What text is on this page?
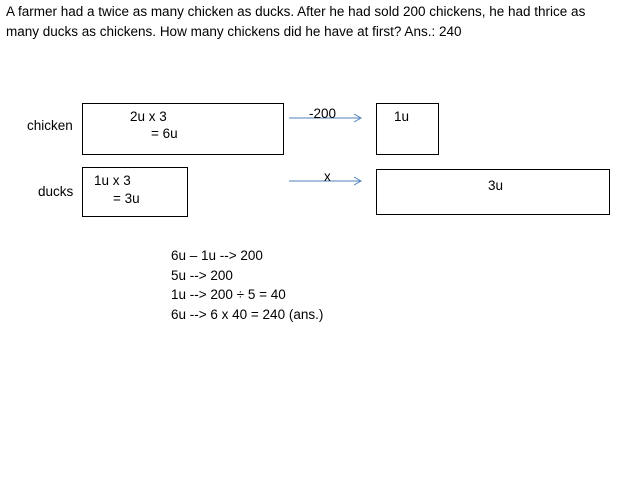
A farmer had a twice as many chicken as ducks. After he had sold 200 chickens, he had thrice as
many ducks as chickens. How many chickens did he have at first? Ans.: 240
chicken
ducks
2u x 3
= 6u
1u x 3
= 3u
1u
3u
-200
x
6u – 1u --> 200
5u --> 200
1u --> 200 ÷ 5 = 40
6u --> 6 x 40 = 240 (ans.)
